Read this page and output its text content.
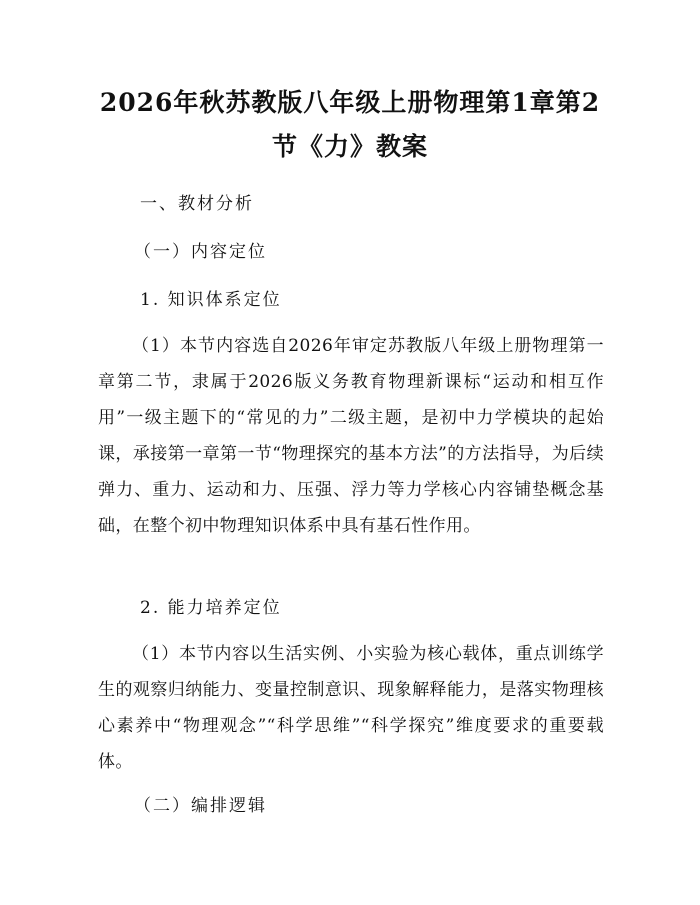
2026年秋苏教版八年级上册物理第1章第2
节《力》教案
一、教材分析
（一）内容定位
1. 知识体系定位

（1）本节内容选自2026年审定苏教版八年级上册物理第一章第二节，隶属于2026版义务教育物理新课标“运动和相互作用”一级主题下的“常见的力”二级主题，是初中力学模块的起始课，承接第一章第一节“物理探究的基本方法”的方法指导，为后续弹力、重力、运动和力、压强、浮力等力学核心内容铺垫概念基础，在整个初中物理知识体系中具有基石性作用。

2. 能力培养定位

（1）本节内容以生活实例、小实验为核心载体，重点训练学生的观察归纳能力、变量控制意识、现象解释能力，是落实物理核心素养中“物理观念”“科学思维”“科学探究”维度要求的重要载体。

（二）编排逻辑
